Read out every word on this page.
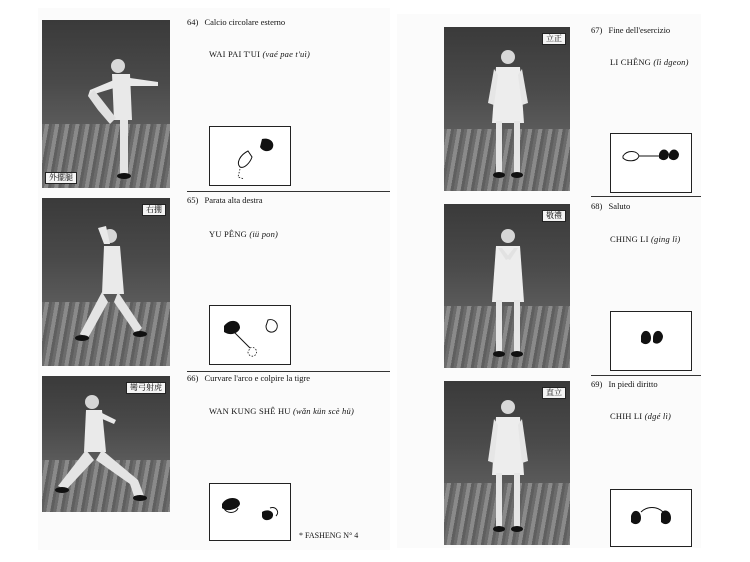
外擺腿
64) Calcio circolare esterno
WAI PAI T'UI (vaé pae t'uì)
右掤
65) Parata alta destra
YU PÊNG (iü pon)
彎弓射虎
66) Curvare l'arco e colpire la tigre
WAN KUNG SHÊ HU (wǎn kün scè hü)
* FASHENG N° 4
立正
67) Fine dell'esercizio
LI CHÊNG (lì dgeon)
敬禮
68) Saluto
CHING LI (ging lì)
直立
69) In piedi diritto
CHIH LI (dgé lì)
